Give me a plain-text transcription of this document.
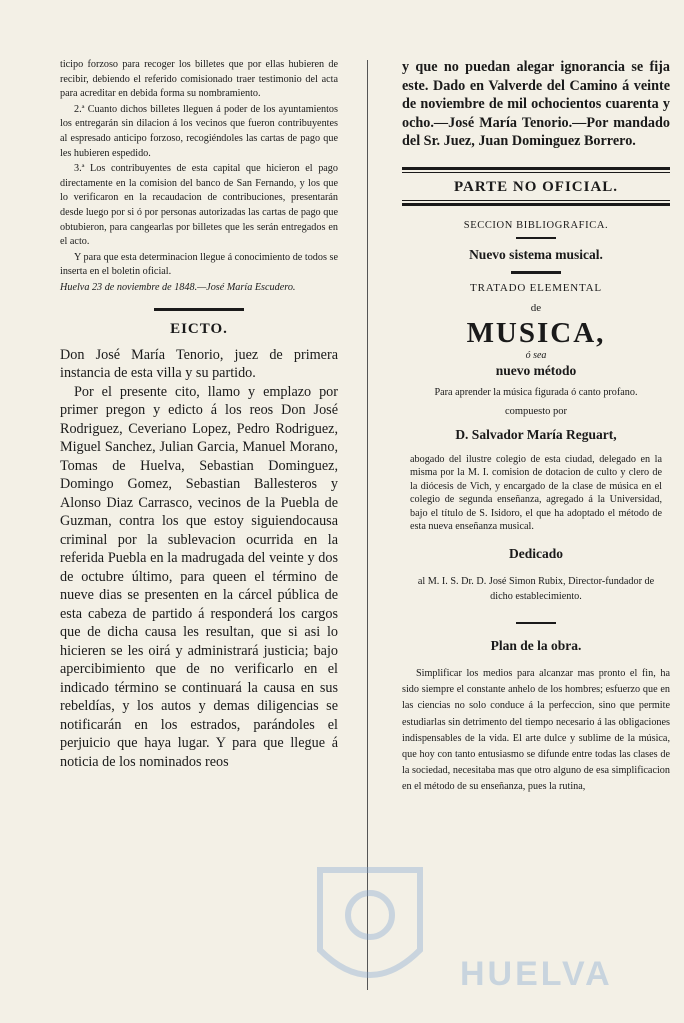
ticipo forzoso para recoger los billetes que por ellas hubieren de recibir, debiendo el referido comisionado traer testimonio del acta para acreditar en debida forma su nombramiento.

2.ª Cuanto dichos billetes lleguen á poder de los ayuntamientos los entregarán sin dilacion á los vecinos que fueron contribuyentes al espresado anticipo forzoso, recogiéndoles las cartas de pago que les hubieren espedido.

3.ª Los contribuyentes de esta capital que hicieron el pago directamente en la comision del banco de San Fernando, y los que lo verificaron en la recaudacion de contribuciones, presentarán desde luego por si ó por personas autorizadas las cartas de pago que obtubieron, para cangearlas por billetes que les serán entregados en el acto.

Y para que esta determinacion llegue á conocimiento de todos se inserta en el boletin oficial.

Huelva 23 de noviembre de 1848.—José María Escudero.

EICTO.

Don José María Tenorio, juez de primera instancia de esta villa y su partido.

Por el presente cito, llamo y emplazo por primer pregon y edicto á los reos Don José Rodriguez, Ceveriano Lopez, Pedro Rodriguez, Miguel Sanchez, Julian Garcia, Manuel Morano, Tomas de Huelva, Sebastian Dominguez, Domingo Gomez, Sebastian Ballesteros y Alonso Diaz Carrasco, vecinos de la Puebla de Guzman, contra los que estoy siguiendocausa criminal por la sublevacion ocurrida en la referida Puebla en la madrugada del veinte y dos de octubre último, para queen el término de nueve dias se presenten en la cárcel pública de esta cabeza de partido á responderá los cargos que de dicha causa les resultan, que si asi lo hicieren se les oirá y administrará justicia; bajo apercibimiento que de no verificarlo en el indicado término se continuará la causa en sus rebeldías, y los autos y demas diligencias se notificarán en los estrados, parándoles el perjuicio que haya lugar. Y para que llegue á noticia de los nominados reos

y que no puedan alegar ignorancia se fija este. Dado en Valverde del Camino á veinte de noviembre de mil ochocientos cuarenta y ocho.—José María Tenorio.—Por mandado del Sr. Juez, Juan Dominguez Borrero.

PARTE NO OFICIAL.
SECCION BIBLIOGRAFICA.
Nuevo sistema musical.
TRATADO ELEMENTAL
de
MUSICA,
ó sea
nuevo método
Para aprender la música figurada ó canto profano.
compuesto por
D. Salvador María Reguart,
abogado del ilustre colegio de esta ciudad, delegado en la misma por la M. I. comision de dotacion de culto y clero de la diócesis de Vich, y encargado de la clase de música en el colegio de segunda enseñanza, agregado á la Universidad, bajo el título de S. Isidoro, el que ha adoptado el método de esta nueva enseñanza musical.
Dedicado
al M. I. S. Dr. D. José Simon Rubix, Director-fundador de dicho establecimiento.
Plan de la obra.

Simplificar los medios para alcanzar mas pronto el fin, ha sido siempre el constante anhelo de los hombres; esfuerzo que en las ciencias no solo conduce á la perfeccion, sino que permite estudiarlas sin detrimento del tiempo necesario á las obligaciones indispensables de la vida. El arte dulce y sublime de la música, que hoy con tanto entusiasmo se difunde entre todas las clases de la sociedad, necesitaba mas que otro alguno de esa simplificacion en el método de su enseñanza, pues la rutina,

HUELVA
